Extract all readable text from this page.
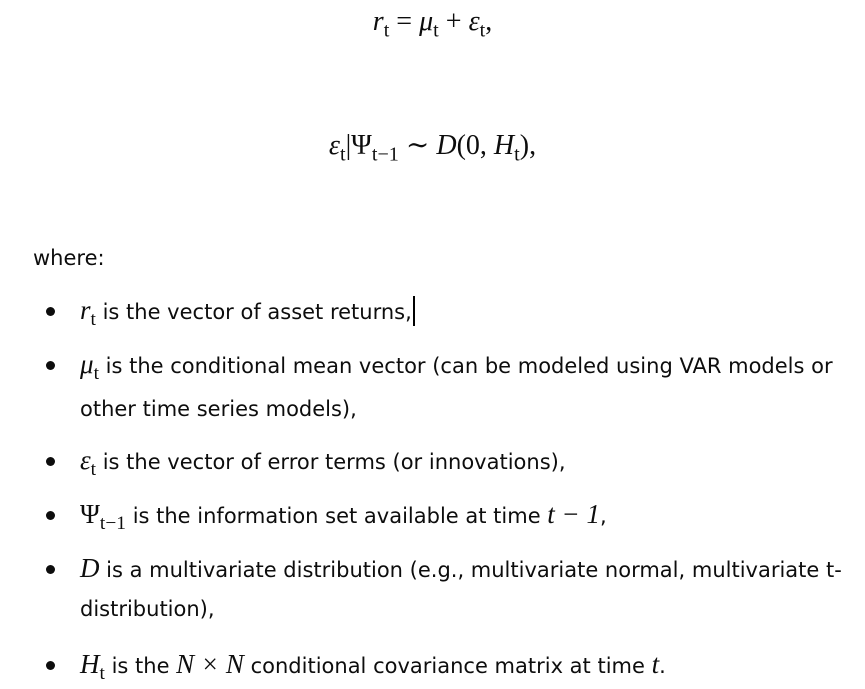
$r_t = \mu_t + \varepsilon_t$,
$\varepsilon_t|\Psi_{t-1}$ ∼ D(0, $H_t$),
where:
$r_t$ is the vector of asset returns,
$\mu_t$ is the conditional mean vector (can be modeled using VAR models or
other time series models),
$\varepsilon_t$ is the vector of error terms (or innovations),
$\Psi_{t-1}$ is the information set available at time t − 1,
D is a multivariate distribution (e.g., multivariate normal, multivariate t-
distribution),
$H_t$ is the N × N conditional covariance matrix at time t.
